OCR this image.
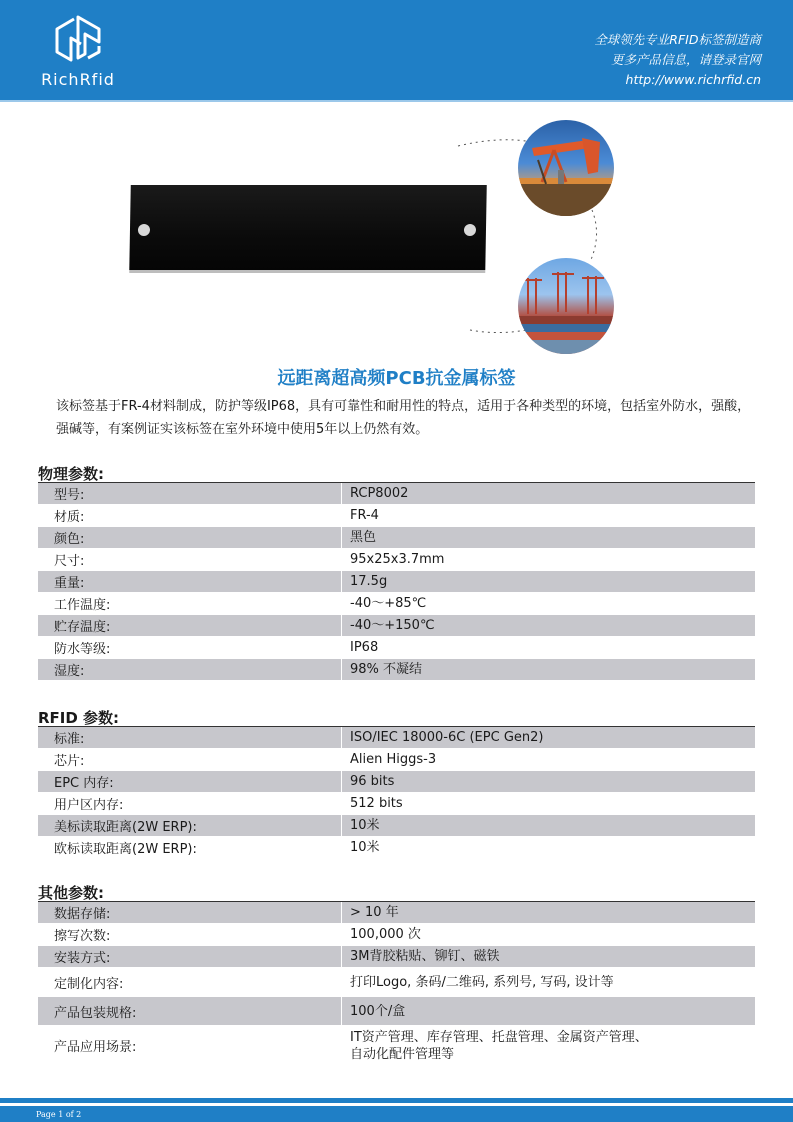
RichRfid
全球领先专业RFID标签制造商
更多产品信息，请登录官网
http://www.richrfid.cn
远距离超高频PCB抗金属标签
该标签基于FR-4材料制成，防护等级IP68，具有可靠性和耐用性的特点，适用于各种类型的环境，包括室外防水，强酸，强碱等，有案例证实该标签在室外环境中使用5年以上仍然有效。
物理参数:
型号:	RCP8002
材质:	FR-4
颜色:	黑色
尺寸:	95x25x3.7mm
重量:	17.5g
工作温度:	-40～+85℃
贮存温度:	-40～+150℃
防水等级:	IP68
湿度:	98% 不凝结
RFID 参数:
标准:	ISO/IEC 18000-6C (EPC Gen2)
芯片:	Alien Higgs-3
EPC 内存:	96 bits
用户区内存:	512 bits
美标读取距离(2W ERP):	10米
欧标读取距离(2W ERP):	10米
其他参数:
数据存储:	> 10 年
擦写次数:	100,000 次
安装方式:	3M背胶粘贴、铆钉、磁铁
定制化内容:	打印Logo, 条码/二维码, 系列号, 写码, 设计等
产品包装规格:	100个/盒
产品应用场景:
IT资产管理、库存管理、托盘管理、金属资产管理、
自动化配件管理等
Page 1 of 2
